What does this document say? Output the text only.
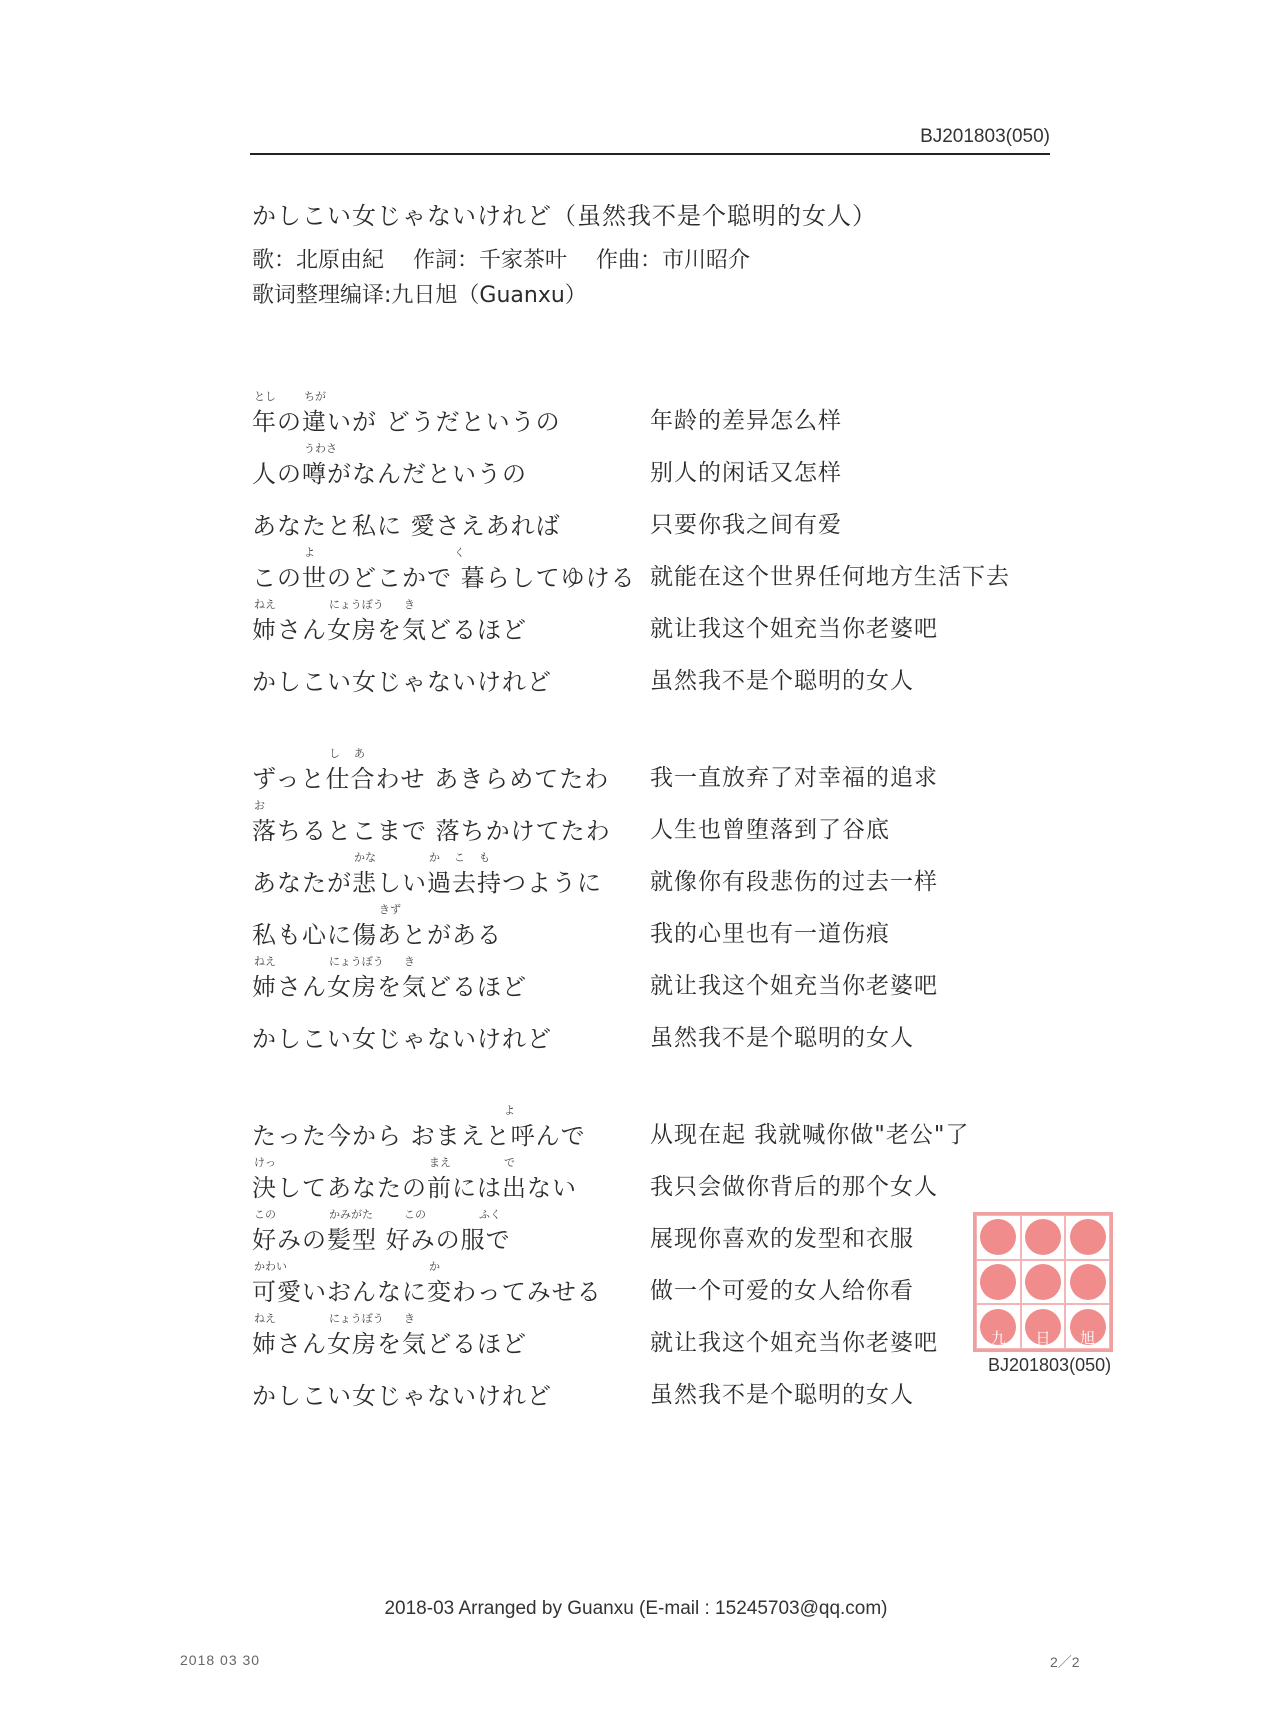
BJ201803(050)
かしこい女じゃないけれど（虽然我不是个聪明的女人）
歌：北原由紀 作詞：千家茶叶 作曲：市川昭介
歌词整理编译:九日旭（Guanxu）
とし	ちが
年の違いが どうだというの	年龄的差异怎么样
うわさ
人の噂がなんだというの	别人的闲话又怎样
あなたと私に 愛さえあれば	只要你我之间有爱
よ	く
この世のどこかで 暮らしてゆける 就能在这个世界任何地方生活下去
ねえ	にょうぼう き
姉さん女房を気どるほど	就让我这个姐充当你老婆吧
かしこい女じゃないけれど	虽然我不是个聪明的女人
し あ
ずっと仕合わせ あきらめてたわ 我一直放弃了对幸福的追求
お
落ちるとこまで 落ちかけてたわ 人生也曾堕落到了谷底
かな	か こ も
あなたが悲しい過去持つように 就像你有段悲伤的过去一样
きず
私も心に傷あとがある	我的心里也有一道伤痕
ねえ	にょうぼう き
姉さん女房を気どるほど	就让我这个姐充当你老婆吧
かしこい女じゃないけれど	虽然我不是个聪明的女人
よ
たった今から おまえと呼んで	从现在起 我就喊你做"老公"了
けっ	まえ	で
決してあなたの前には出ない	我只会做你背后的那个女人
この	かみがた	この	ふく
好みの髪型 好みの服で	展现你喜欢的发型和衣服
かわい	か
可愛いおんなに変わってみせる 做一个可爱的女人给你看
ねえ	にょうぼう き
姉さん女房を気どるほど	就让我这个姐充当你老婆吧
かしこい女じゃないけれど	虽然我不是个聪明的女人
九 日 旭
BJ201803(050)
2018-03 Arranged by Guanxu (E-mail : 15245703@qq.com)
2018 03 30	2／2
